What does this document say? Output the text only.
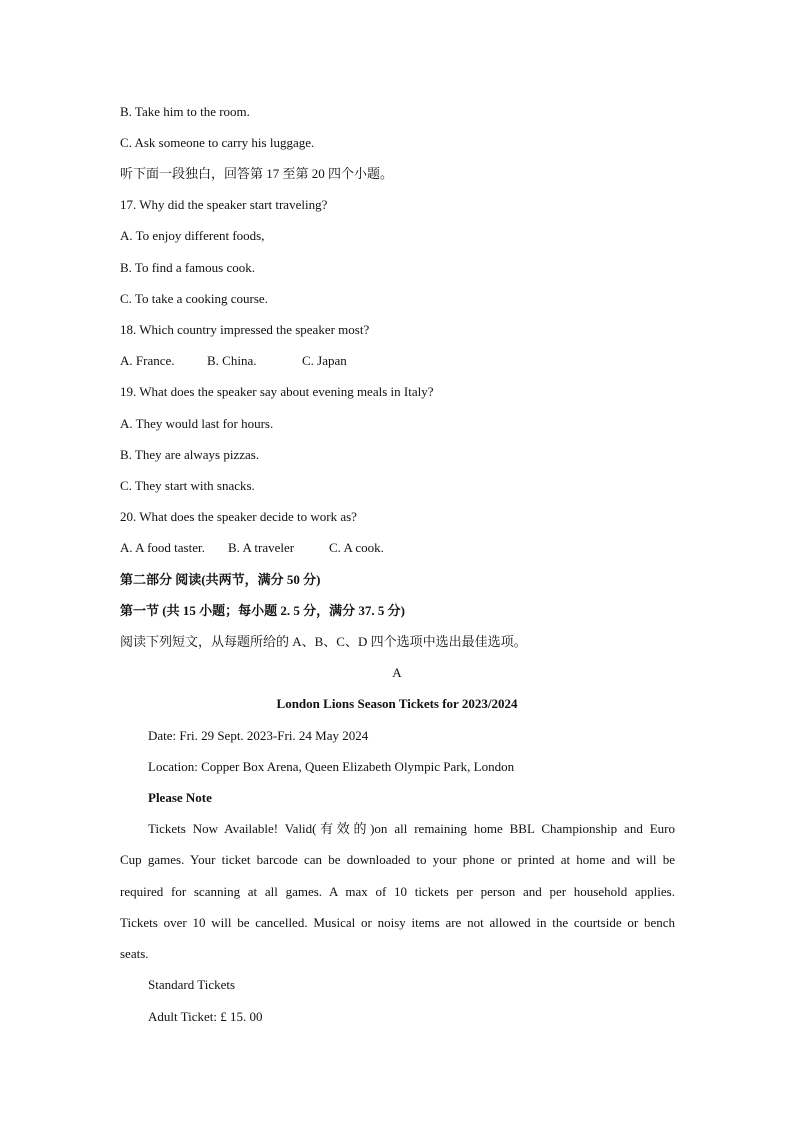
B. Take him to the room.
C. Ask someone to carry his luggage.
听下面一段独白，回答第 17 至第 20 四个小题。
17. Why did the speaker start traveling?
A. To enjoy different foods,
B. To find a famous cook.
C. To take a cooking course.
18. Which country impressed the speaker most?
A. France. B. China.	C. Japan
19. What does the speaker say about evening meals in Italy?
A. They would last for hours.
B. They are always pizzas.
C. They start with snacks.
20. What does the speaker decide to work as?
A. A food taster. B. A traveler	C. A cook.
第二部分 阅读(共两节，满分 50 分)
第一节 (共 15 小题；每小题 2. 5 分，满分 37. 5 分)
阅读下列短文，从每题所给的 A、B、C、D 四个选项中选出最佳选项。
A
London Lions Season Tickets for 2023/2024
Date: Fri. 29 Sept. 2023-Fri. 24 May 2024
Location: Copper Box Arena, Queen Elizabeth Olympic Park, London
Please Note
Tickets Now Available! Valid(有效的)on all remaining home BBL Championship and Euro
Cup games. Your ticket barcode can be downloaded to your phone or printed at home and will be
required for scanning at all games. A max of 10 tickets per person and per household applies.
Tickets over 10 will be cancelled. Musical or noisy items are not allowed in the courtside or bench
seats.
Standard Tickets
Adult Ticket: £ 15. 00
